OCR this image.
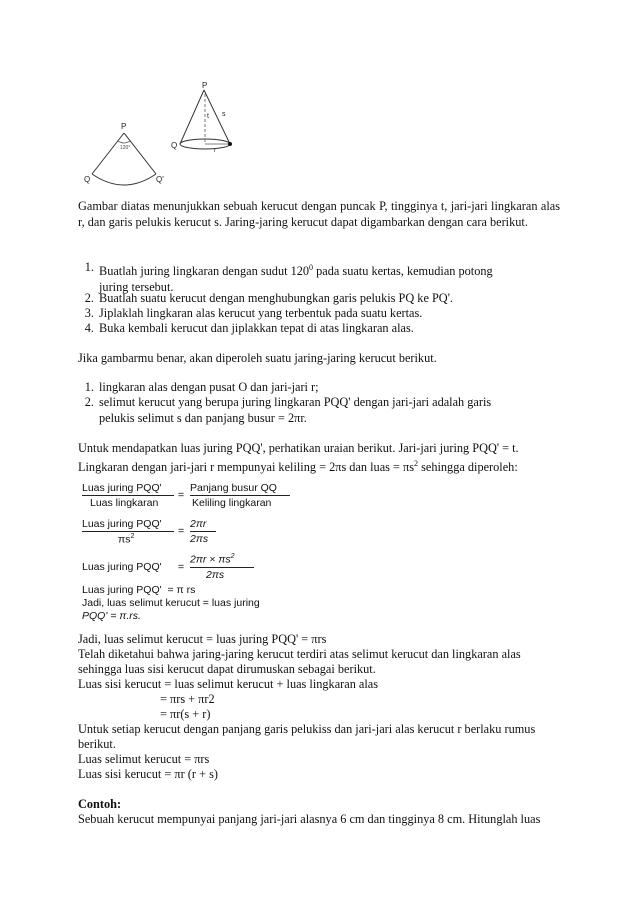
P
120°
Q	Q'
P
t s
r
Q
Gambar diatas menunjukkan sebuah kerucut dengan puncak P, tingginya t, jari-jari lingkaran alas r, dan garis pelukis kerucut s. Jaring-jaring kerucut dapat digambarkan dengan cara berikut.
1. Buatlah juring lingkaran dengan sudut $120^0$ pada suatu kertas, kemudian potong
juring tersebut.
2. Buatlah suatu kerucut dengan menghubungkan garis pelukis PQ ke PQ'.
3. Jiplaklah lingkaran alas kerucut yang terbentuk pada suatu kertas.
4. Buka kembali kerucut dan jiplakkan tepat di atas lingkaran alas.
Jika gambarmu benar, akan diperoleh suatu jaring-jaring kerucut berikut.
1. lingkaran alas dengan pusat O dan jari-jari r;
2. selimut kerucut yang berupa juring lingkaran PQQ' dengan jari-jari adalah garis
pelukis selimut s dan panjang busur = 2πr.
Untuk mendapatkan luas juring PQQ', perhatikan uraian berikut. Jari-jari juring PQQ' = t.
Lingkaran dengan jari-jari r mempunyai keliling = 2πs dan luas = $\pi s^2$ sehingga diperoleh:
Luas juring PQQ'
Luas lingkaran
=
Panjang busur QQ
Keliling lingkaran
Luas juring PQQ'
$\pi s^2$	=
2πr
2πs
Luas juring PQQ' =
$2\pi r \times \pi s^2$
2πs
Luas juring PQQ'  = π rs
Jadi, luas selimut kerucut = luas juring
PQQ' = π.rs.
Jadi, luas selimut kerucut = luas juring PQQ' = πrs
Telah diketahui bahwa jaring-jaring kerucut terdiri atas selimut kerucut dan lingkaran alas
sehingga luas sisi kerucut dapat dirumuskan sebagai berikut.
Luas sisi kerucut = luas selimut kerucut + luas lingkaran alas
= πrs + πr2
= πr(s + r)
Untuk setiap kerucut dengan panjang garis pelukiss dan jari-jari alas kerucut r berlaku rumus
berikut.
Luas selimut kerucut = πrs
Luas sisi kerucut = πr (r + s)
Contoh:
Sebuah kerucut mempunyai panjang jari-jari alasnya 6 cm dan tingginya 8 cm. Hitunglah luas
